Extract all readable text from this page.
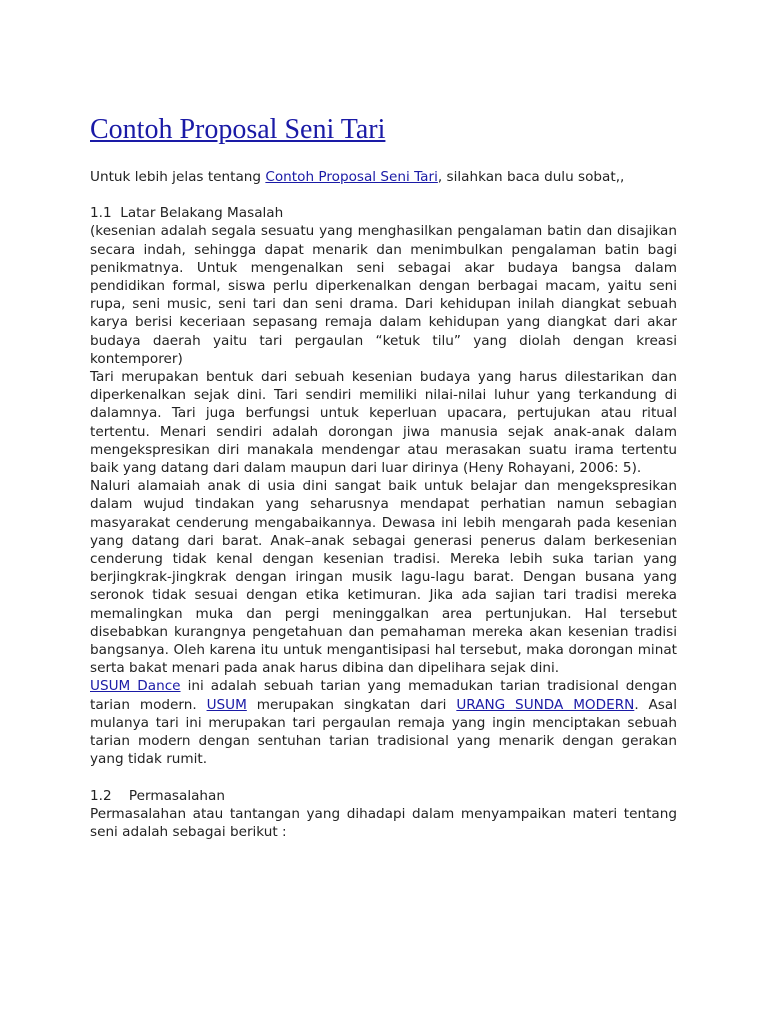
Contoh Proposal Seni Tari

Untuk lebih jelas tentang Contoh Proposal Seni Tari, silahkan baca dulu sobat,,

1.1  Latar Belakang Masalah

(kesenian adalah segala sesuatu yang menghasilkan pengalaman batin dan disajikan secara indah, sehingga dapat menarik dan menimbulkan pengalaman batin bagi penikmatnya. Untuk mengenalkan seni sebagai akar budaya bangsa dalam pendidikan formal, siswa perlu diperkenalkan dengan berbagai macam, yaitu seni rupa, seni music, seni tari dan seni drama. Dari kehidupan inilah diangkat sebuah karya berisi keceriaan sepasang remaja dalam kehidupan yang diangkat dari akar budaya daerah yaitu tari pergaulan “ketuk tilu” yang diolah dengan kreasi kontemporer)

Tari merupakan bentuk dari sebuah kesenian budaya yang harus dilestarikan dan diperkenalkan sejak dini. Tari sendiri memiliki nilai-nilai luhur yang terkandung di dalamnya. Tari juga berfungsi untuk keperluan upacara, pertujukan atau ritual tertentu. Menari sendiri adalah dorongan jiwa manusia sejak anak-anak dalam mengekspresikan diri manakala mendengar atau merasakan suatu irama tertentu baik yang datang dari dalam maupun dari luar dirinya (Heny Rohayani, 2006: 5).

Naluri alamaiah anak di usia dini sangat baik untuk belajar dan mengekspresikan dalam wujud tindakan yang seharusnya mendapat perhatian namun sebagian masyarakat cenderung mengabaikannya. Dewasa ini lebih mengarah pada kesenian yang datang dari barat. Anak–anak sebagai generasi penerus dalam berkesenian cenderung tidak kenal dengan kesenian tradisi. Mereka lebih suka tarian yang berjingkrak-jingkrak dengan iringan musik lagu-lagu barat. Dengan busana yang seronok tidak sesuai dengan etika ketimuran. Jika ada sajian tari tradisi mereka memalingkan muka dan pergi meninggalkan area pertunjukan. Hal tersebut disebabkan kurangnya pengetahuan dan pemahaman mereka akan kesenian tradisi bangsanya. Oleh karena itu untuk mengantisipasi hal tersebut, maka dorongan minat serta bakat menari pada anak harus dibina dan dipelihara sejak dini.

USUM Dance ini adalah sebuah tarian yang memadukan tarian tradisional dengan tarian modern. USUM merupakan singkatan dari URANG SUNDA MODERN. Asal mulanya tari ini merupakan tari pergaulan remaja yang ingin menciptakan sebuah tarian modern dengan sentuhan tarian tradisional yang menarik dengan gerakan yang tidak rumit.

1.2    Permasalahan

Permasalahan atau tantangan yang dihadapi dalam menyampaikan materi tentang seni adalah sebagai berikut :
